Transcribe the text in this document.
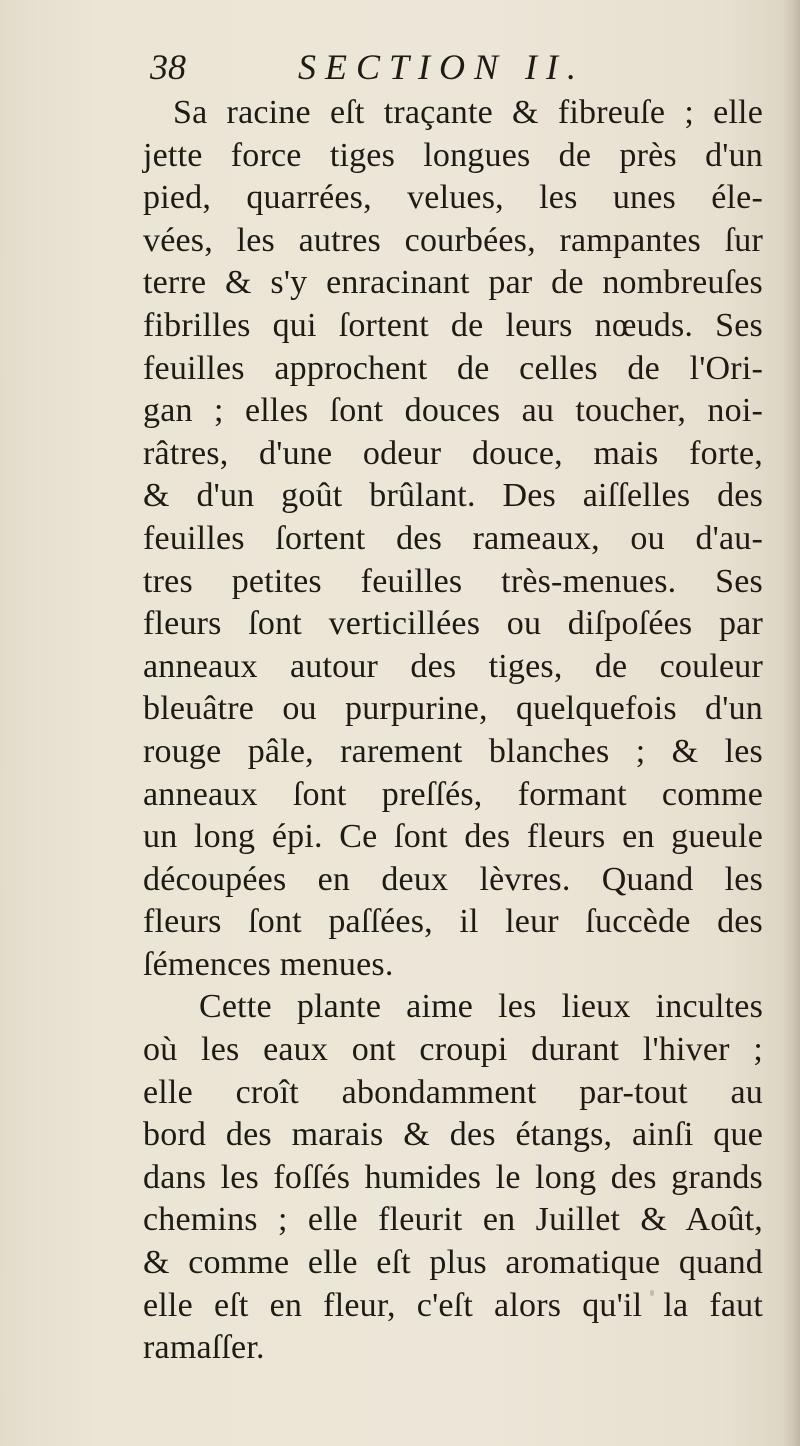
38	SECTION II.
Sa racine eſt traçante & fibreuſe ; elle
jette force tiges longues de près d'un
pied, quarrées, velues, les unes éle-
vées, les autres courbées, rampantes ſur
terre & s'y enracinant par de nombreuſes
fibrilles qui ſortent de leurs nœuds. Ses
feuilles approchent de celles de l'Ori-
gan ; elles ſont douces au toucher, noi-
râtres, d'une odeur douce, mais forte,
& d'un goût brûlant. Des aiſſelles des
feuilles ſortent des rameaux, ou d'au-
tres petites feuilles très-menues. Ses
fleurs ſont verticillées ou diſpoſées par
anneaux autour des tiges, de couleur
bleuâtre ou purpurine, quelquefois d'un
rouge pâle, rarement blanches ; & les
anneaux ſont preſſés, formant comme
un long épi. Ce ſont des fleurs en gueule
découpées en deux lèvres. Quand les
fleurs ſont paſſées, il leur ſuccède des
ſémences menues.
Cette plante aime les lieux incultes
où les eaux ont croupi durant l'hiver ;
elle croît abondamment par-tout au
bord des marais & des étangs, ainſi que
dans les foſſés humides le long des grands
chemins ; elle fleurit en Juillet & Août,
& comme elle eſt plus aromatique quand
elle eſt en fleur, c'eſt alors qu'il la faut
ramaſſer.
